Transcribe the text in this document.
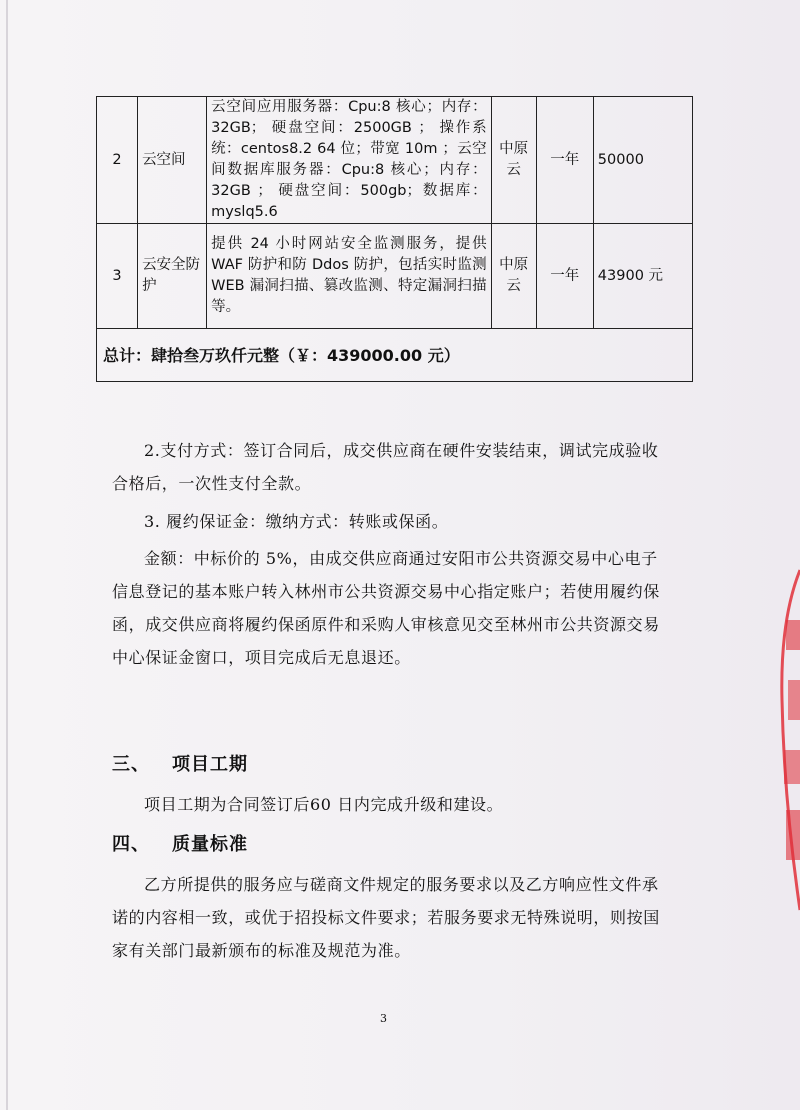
2	云空间	云空间应用服务器：Cpu:8 核心；内存：32GB； 硬盘空间：2500GB ； 操作系统：centos8.2 64 位；带宽 10m ；云空间数据库服务器：Cpu:8 核心；内存：32GB ； 硬盘空间：500gb；数据库：myslq5.6	中原云	一年	50000
3	云安全防护	提供 24 小时网站安全监测服务，提供 WAF 防护和防 Ddos 防护，包括实时监测 WEB 漏洞扫描、篡改监测、特定漏洞扫描等。	中原云	一年	43900 元
总计：肆拾叁万玖仟元整（￥：439000.00 元）					
2.支付方式：签订合同后，成交供应商在硬件安装结束，调试完成验收合格后，一次性支付全款。
3. 履约保证金：缴纳方式：转账或保函。
金额：中标价的 5%，由成交供应商通过安阳市公共资源交易中心电子信息登记的基本账户转入林州市公共资源交易中心指定账户；若使用履约保函，成交供应商将履约保函原件和采购人审核意见交至林州市公共资源交易中心保证金窗口，项目完成后无息退还。
三、 项目工期
项目工期为合同签订后60 日内完成升级和建设。
四、 质量标准
乙方所提供的服务应与磋商文件规定的服务要求以及乙方响应性文件承诺的内容相一致，或优于招投标文件要求；若服务要求无特殊说明，则按国家有关部门最新颁布的标准及规范为准。
3
